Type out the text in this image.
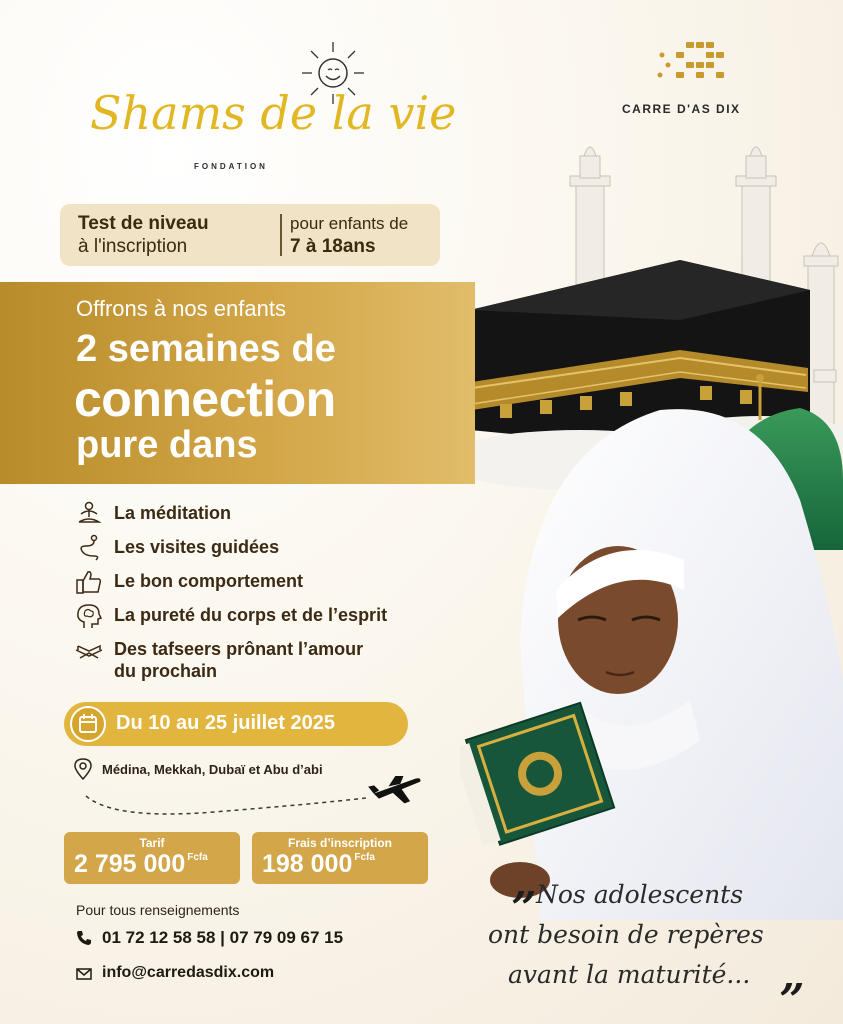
Shams de la vie
FONDATION
CARRE D'AS DIX
Test de niveau
à l'inscription
pour enfants de
7 à 18ans
Offrons à nos enfants
2 semaines de
connection
pure dans
La méditation
Les visites guidées
Le bon comportement
La pureté du corps et de l’esprit
Des tafseers prônant l’amour
du prochain
Du 10 au 25 juillet 2025
Médina, Mekkah, Dubaï et Abu d’abi
Tarif
2 795 000 $^{Fcfa}$
Frais d’inscription
198 000 $^{Fcfa}$
Pour tous renseignements
01 72 12 58 58 | 07 79 09 67 15
info@carredasdix.com
„
Nos adolescents
ont besoin de repères
avant la maturité... „
